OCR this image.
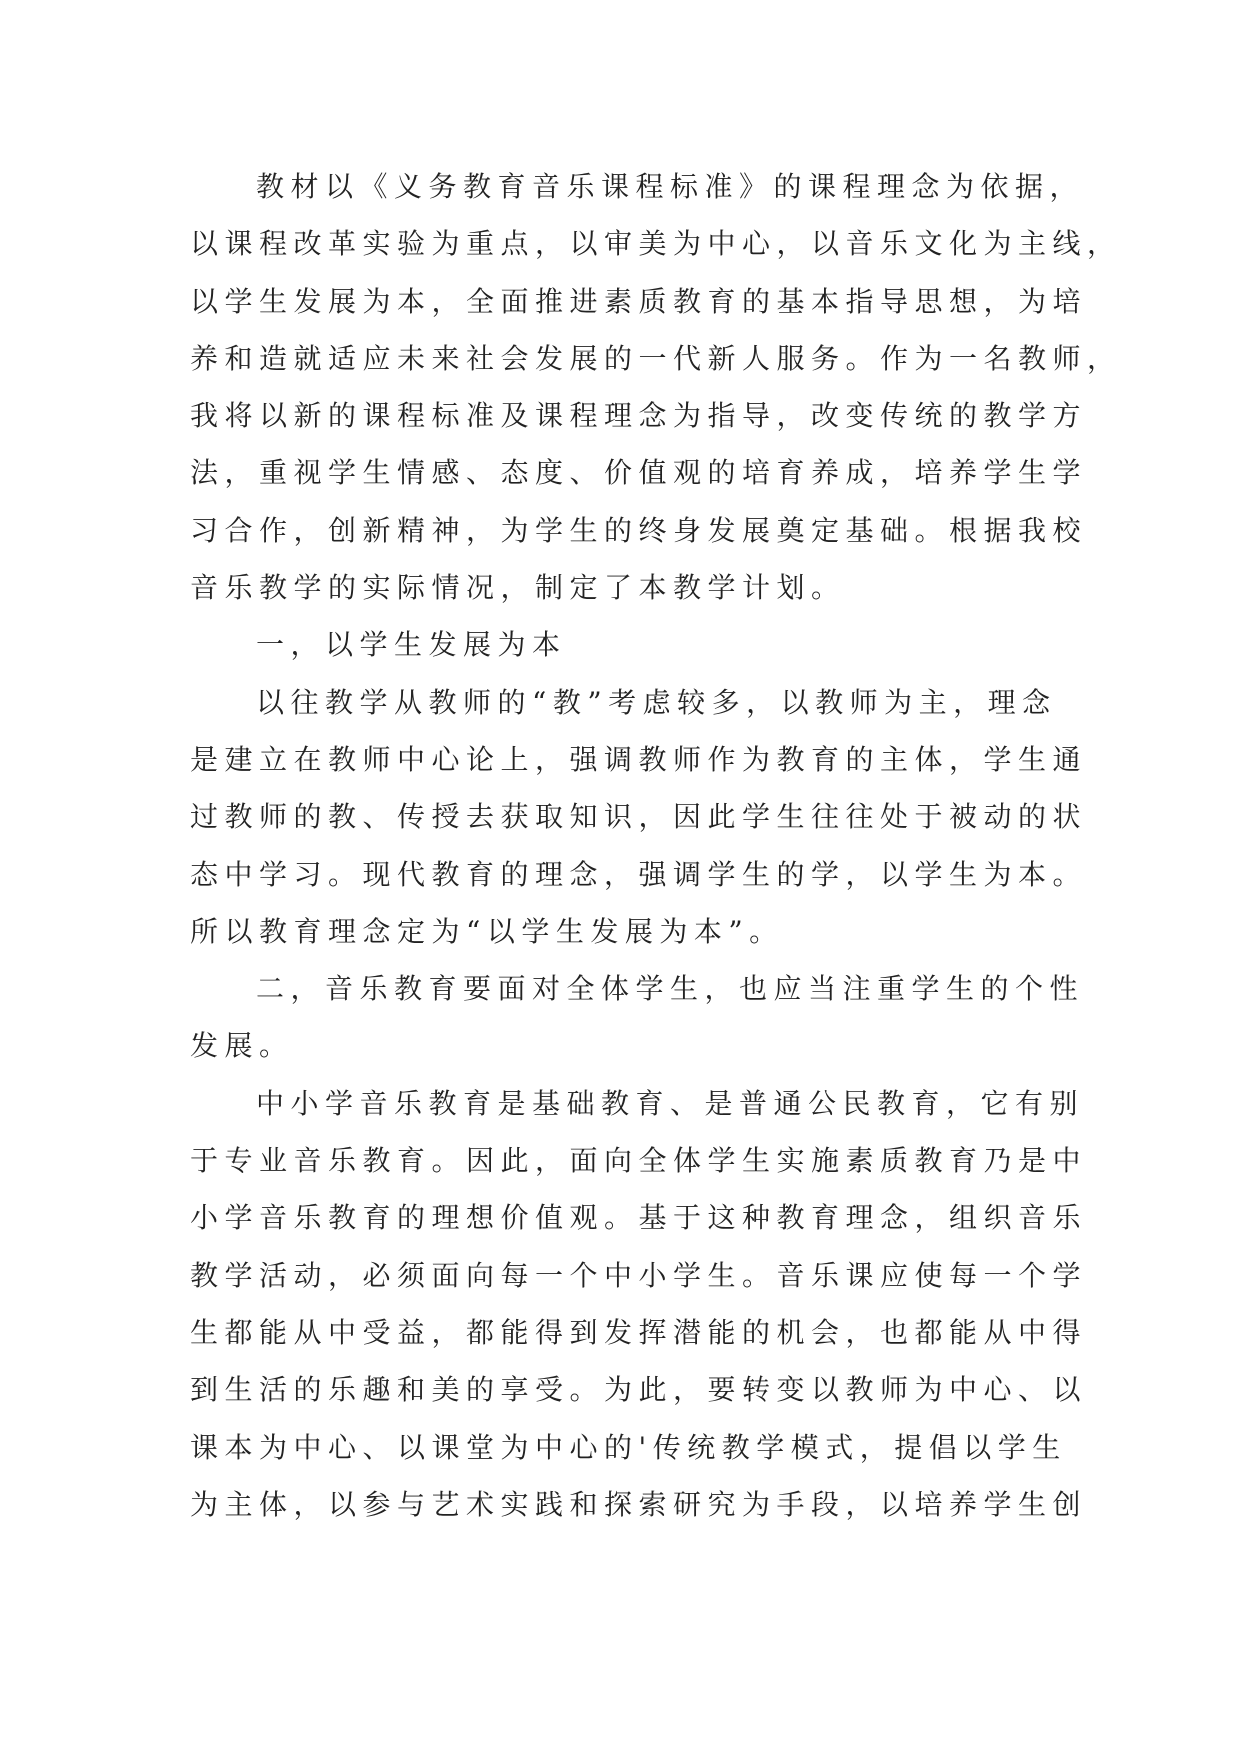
教材以《义务教育音乐课程标准》的课程理念为依据，
以课程改革实验为重点，以审美为中心，以音乐文化为主线，
以学生发展为本，全面推进素质教育的基本指导思想，为培
养和造就适应未来社会发展的一代新人服务。作为一名教师，
我将以新的课程标准及课程理念为指导，改变传统的教学方
法，重视学生情感、态度、价值观的培育养成，培养学生学
习合作，创新精神，为学生的终身发展奠定基础。根据我校
音乐教学的实际情况，制定了本教学计划。
一，以学生发展为本
以往教学从教师的“教”考虑较多，以教师为主，理念
是建立在教师中心论上，强调教师作为教育的主体，学生通
过教师的教、传授去获取知识，因此学生往往处于被动的状
态中学习。现代教育的理念，强调学生的学，以学生为本。
所以教育理念定为“以学生发展为本”。
二，音乐教育要面对全体学生，也应当注重学生的个性
发展。
中小学音乐教育是基础教育、是普通公民教育，它有别
于专业音乐教育。因此，面向全体学生实施素质教育乃是中
小学音乐教育的理想价值观。基于这种教育理念，组织音乐
教学活动，必须面向每一个中小学生。音乐课应使每一个学
生都能从中受益，都能得到发挥潜能的机会，也都能从中得
到生活的乐趣和美的享受。为此，要转变以教师为中心、以
课本为中心、以课堂为中心的'传统教学模式，提倡以学生
为主体，以参与艺术实践和探索研究为手段，以培养学生创
